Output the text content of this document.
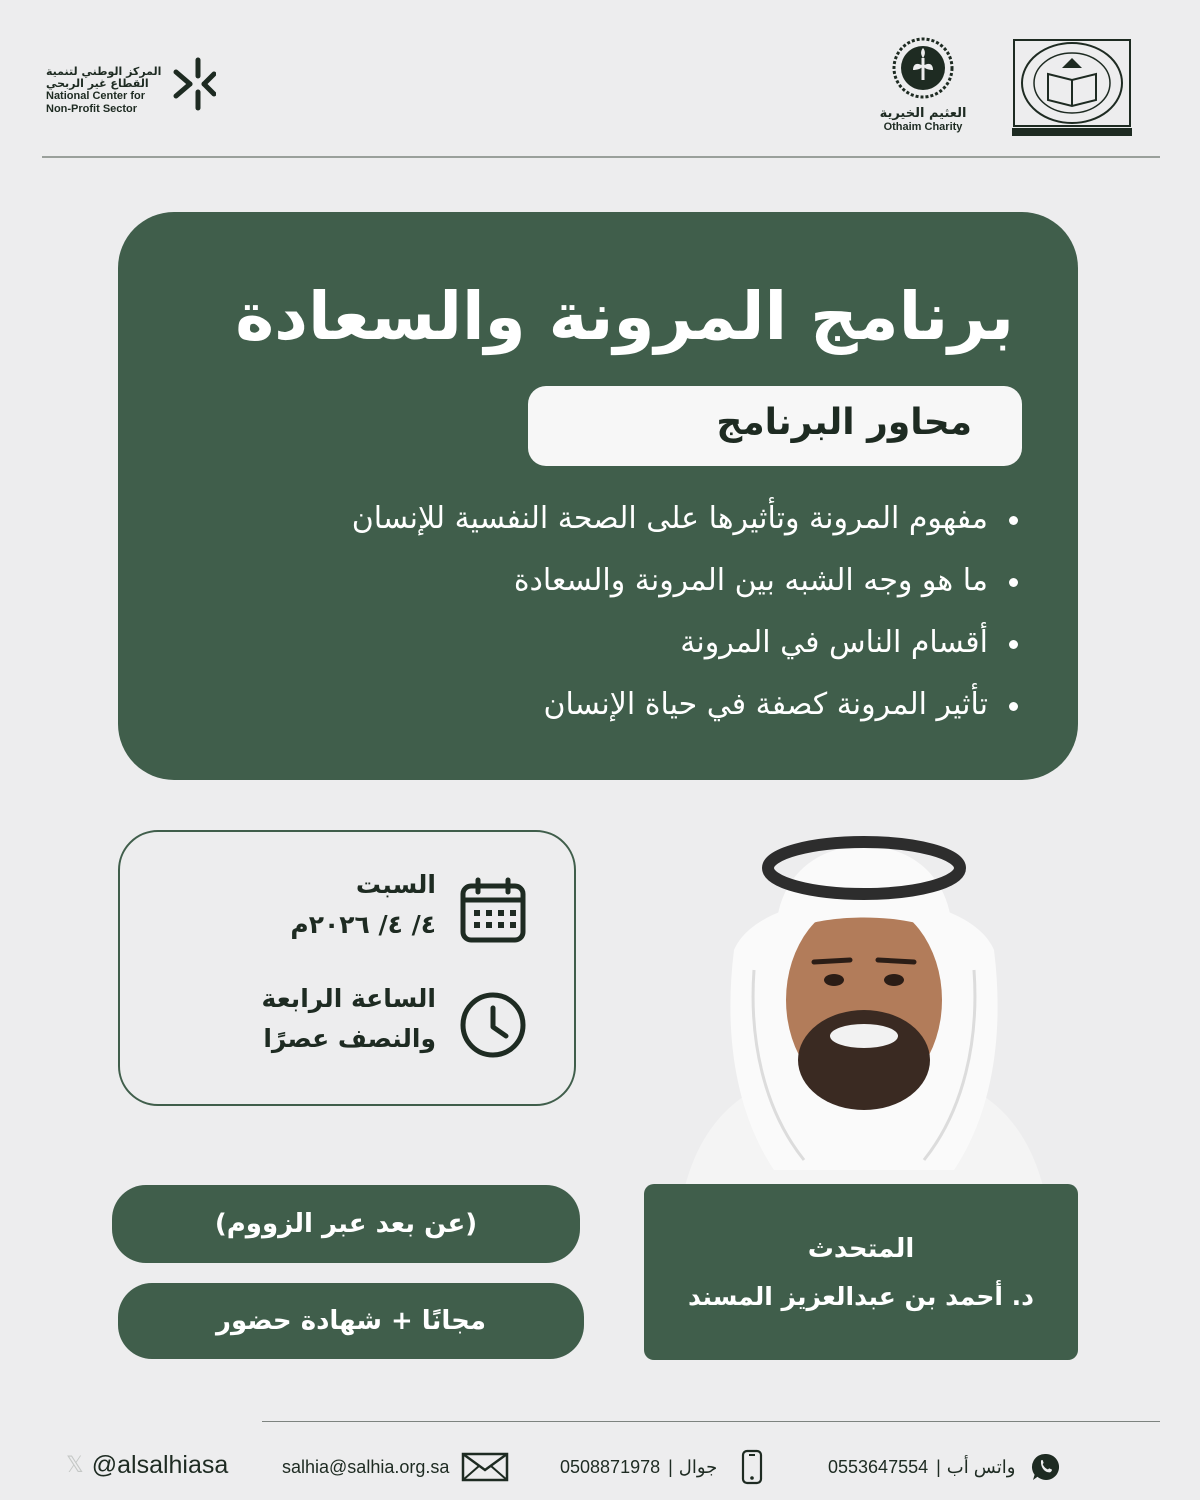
المركز الوطني لتنمية
القطاع غير الربحي
National Center for
Non-Profit Sector	العثيم الخيرية
Othaim Charity
برنامج المرونة والسعادة
محاور البرنامج
مفهوم المرونة وتأثيرها على الصحة النفسية للإنسان
ما هو وجه الشبه بين المرونة والسعادة
أقسام الناس في المرونة
تأثير المرونة كصفة في حياة الإنسان
السبت
٤/ ٤/ ٢٠٢٦م
الساعة الرابعة
والنصف عصرًا
المتحدث
د. أحمد بن عبدالعزيز المسند
(عن بعد عبر الزووم)
مجانًا + شهادة حضور
𝕏 @alsalhiasa	salhia@salhia.org.sa	0508871978 | جوال	0553647554 | واتس أب
